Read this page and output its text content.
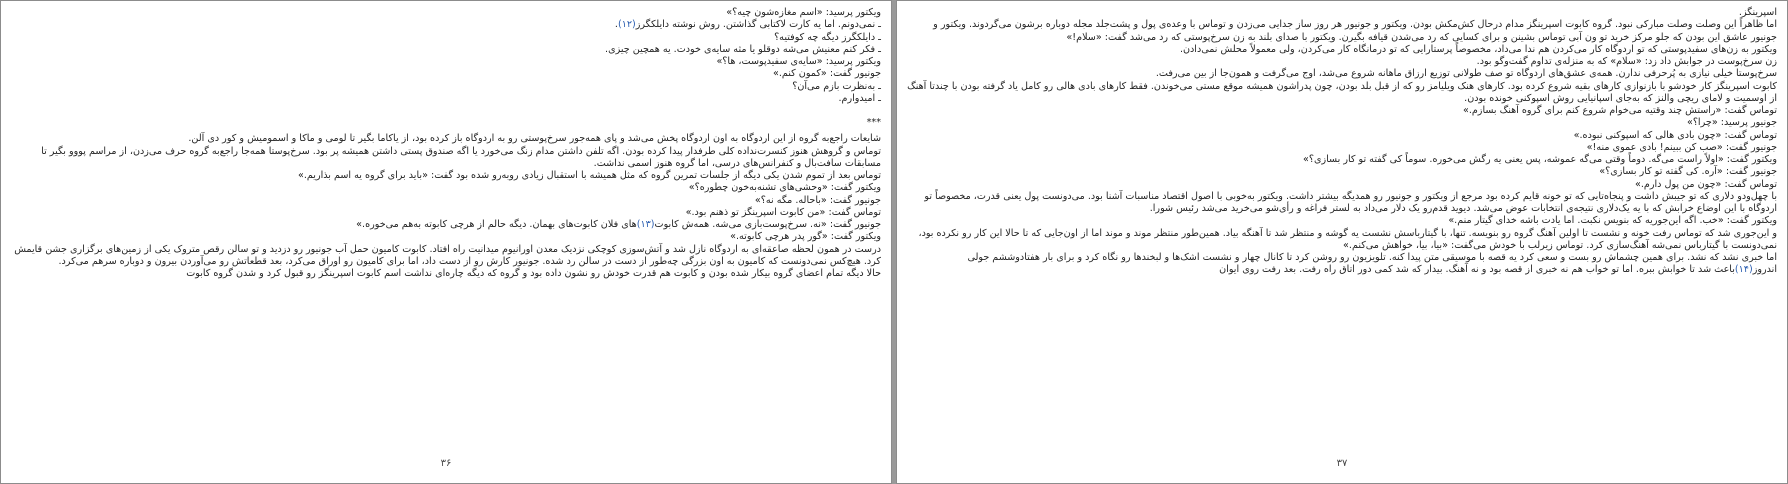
ویکتور پرسید: «اسم مغازه‌شون چیه؟»

ـ نمی‌دونم. اما یه کارت لاکتابی گذاشتن. روش نوشته دایلکگرز(۱۲).

ـ دایلکگرز دیگه چه کوفتیه؟

ـ فکر کنم معنیش می‌شه دوقلو یا مثه سایه‌ی خودت. یه همچین چیزی.

ویکتور پرسید: «سایه‌ی سفیدپوست، ها؟»

جونیور گفت: «کمون کنم.»

ـ به‌نظرت بازم می‌آن؟

ـ امیدوارم.

***

شایعات راجع‌به گروه از این اردوگاه به اون اردوگاه پخش می‌شد و پای همه‌جور سرخ‌پوستی رو به اردوگاه باز کرده بود، از یاکاما بگیر تا لومی و ماکا و اسمومیش و کور دی آلن.

توماس و گروهش هنوز کنسرت‌نداده کلی طرفدار پیدا کرده بودن. اگه تلفن داشتن مدام زنگ می‌خورد یا اگه صندوق پستی داشتن همیشه پر بود. سرخ‌پوستا همه‌جا راجع‌به گروه حرف می‌زدن، از مراسم پووو بگیر تا مسابقات سافت‌بال و کنفرانس‌های درسی، اما گروه هنوز اسمی نداشت.

توماس بعد از تموم شدن یکی دیگه از جلسات تمرین گروه که مثل همیشه با استقبال زیادی روبه‌رو شده بود گفت: «باید برای گروه یه اسم بذاریم.»

ویکتور گفت: «وحشی‌های تشنه‌به‌خون چطوره؟»

جونیور گفت: «باحاله. مگه نه؟»

توماس گفت: «من کابوت اسپرینگز تو ذهنم بود.»

جونیور گفت: «نه. سرخ‌پوست‌بازی می‌شه. همه‌ش کابوت(۱۳)های فلان کابوت‌های بهمان. دیگه حالم از هرچی کابوته به‌هم می‌خوره.»

ویکتور گفت: «گور پدر هرچی کابوته.»

درست در همون لحظه صاعقه‌ای به اردوگاه نازل شد و آتش‌سوزی کوچکی نزدیک معدن اورانیوم میدانیت راه افتاد. کابوت کامیون حمل آب جونیور رو دزدید و تو سالن رقص متروک یکی از زمین‌های برگزاری جشن قایمش کرد. هیچ‌کس نمی‌دونست که کامیون به اون بزرگی چه‌طور از دست در سالن رد شده. جونیور کارش رو از دست داد، اما برای کامیون رو اوراق می‌کرد، بعد قطعاتش رو می‌آوردن بیرون و دوباره سرهم می‌کرد.

حالا دیگه تمام اعضای گروه بیکار شده بودن و کابوت هم قدرت خودش رو نشون داده بود و گروه که دیگه چاره‌ای نداشت اسم کابوت اسپرینگز رو قبول کرد و شدن گروه کابوت

۳۶

اسپرینگز.

اما ظاهراً این وصلت وصلت مبارکی نبود. گروه کابوت اسپرینگز مدام درحال کش‌مکش بودن. ویکتور و جونیور هر روز ساز جدایی می‌زدن و توماس با وعده‌ی پول و پشت‌جلد مجله دوباره برشون می‌گردوند. ویکتور و جونیور عاشق این بودن که جلو مرکز خرید تو ون آبی توماس بشینن و برای کسایی که رد می‌شدن قیافه بگیرن. ویکتور با صدای بلند به زن سرخ‌پوستی که رد می‌شد گفت: «سلام!»

ویکتور به زن‌های سفیدپوستی که تو اردوگاه کار می‌کردن هم ندا می‌داد، مخصوصاً پرستارایی که تو درمانگاه کار می‌کردن، ولی معمولاً محلش نمی‌دادن.

زن سرخ‌پوست در جوابش داد زد: «سلام» که به منزله‌ی تداوم گفت‌وگو بود.

سرخ‌پوستا خیلی نیازی به پُرحرفی ندارن. همه‌ی عشق‌های اردوگاه تو صف طولانی توزیع ارزاق ماهانه شروع می‌شد، اوج می‌گرفت و همون‌جا از بین می‌رفت.

کابوت اسپرینگز کار خودشو با بازنوازی کارهای بقیه شروع کرده بود. کارهای هنک ویلیامز رو که از قبل بلد بودن، چون پدراشون همیشه موقع مستی می‌خوندن. فقط کارهای بادی هالی رو کامل یاد گرفته بودن با چندتا آهنگ از اوسمیت و لامای ریچی والنز که به‌جای اسپانیایی روش اسپوکنی خونده بودن.

توماس گفت: «راستش چند وقتیه می‌خوام شروع کنم برای گروه آهنگ بسازم.»

جونیور پرسید: «چرا؟»

توماس گفت: «چون بادی هالی که اسپوکنی نبوده.»

جونیور گفت: «صب کن ببینم! بادی عموی منه!»

ویکتور گفت: «اولاً راست می‌گه. دوماً وقتی می‌گه عموشه، پس یعنی یه رگش می‌خوره. سوماً کی گفته تو کار بسازی؟»

جونیور گفت: «آره. کی گفته تو کار بسازی؟»

توماس گفت: «چون من پول دارم.»

با چهل‌ودو دلاری که تو جیبش داشت و پنجاه‌تایی که تو خونه قایم کرده بود مرجع از ویکتور و جونیور رو همدیگه بیشتر داشت. ویکتور به‌خوبی با اصول اقتصاد مناسبات آشنا بود. می‌دونست پول یعنی قدرت، مخصوصاً تو اردوگاه با این اوضاع خرابش که با یه یک‌دلاری نتیجه‌ی انتخابات عوض می‌شد. دیوید قدم‌رو یک دلار می‌داد به لستر فراغه و رأی‌شو می‌خرید می‌شد رئیس شورا.

ویکتور گفت: «خب. اگه این‌جوریه که بنویس نکبت. اما یادت باشه خدای گیتار منم.»

و این‌جوری شد که توماس رفت خونه و نشست تا اولین آهنگ گروه رو بنویسه. تنها، با گیتارباسش نشست یه گوشه و منتظر شد تا آهنگه بیاد. همین‌طور منتظر موند و موند اما از اون‌جایی که تا حالا این کار رو نکرده بود، نمی‌دونست با گیتارباس نمی‌شه آهنگ‌سازی کرد. توماس زیرلب با خودش می‌گفت: «بیا، بیا، خواهش می‌کنم.»

اما خبری نشد که نشد. برای همین چشماش رو بست و سعی کرد یه قصه با موسیقی متن پیدا کنه. تلویزیون رو روشن کرد تا کانال چهار و نشست اشک‌ها و لبخندها رو نگاه کرد و برای بار هفتادوششم جولی اندروز(۱۴)باعث شد تا خوابش ببره. اما تو خواب هم نه خبری از قصه بود و نه آهنگ. بیدار که شد کمی دور اتاق راه رفت. بعد رفت روی ایوان

۳۷
